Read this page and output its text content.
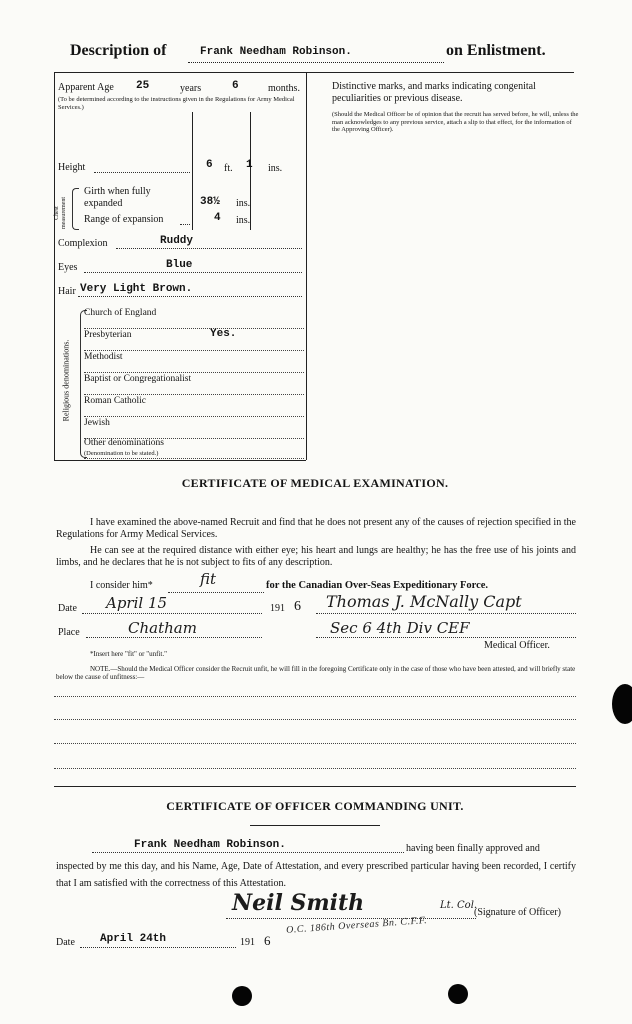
Description of	Frank Needham Robinson.	on Enlistment.
Apparent Age 25	years	6	months.
(To be determined according to the instructions given in the Regulations for Army Medical Services.)
Height	6 ft. 1 ins.
Chest measurement
Girth when fully expanded	38½ ins.
Range of expansion	4 ins.
Complexion	Ruddy
Eyes	Blue
Hair Very Light Brown.
Religious denominations.
Church of England
Presbyterian	Yes.
Methodist
Baptist or Congregationalist
Roman Catholic
Jewish
Other denominations
(Denomination to be stated.)
Distinctive marks, and marks indicating congenital peculiarities or previous disease.
(Should the Medical Officer be of opinion that the recruit has served before, he will, unless the man acknowledges to any previous service, attach a slip to that effect, for the information of the Approving Officer).
CERTIFICATE OF MEDICAL EXAMINATION.
I have examined the above-named Recruit and find that he does not present any of the causes of rejection specified in the Regulations for Army Medical Services.
He can see at the required distance with either eye; his heart and lungs are healthy; he has the free use of his joints and limbs, and he declares that he is not subject to fits of any description.
I consider him*	fit	for the Canadian Over-Seas Expeditionary Force.
Date April 15	191 6 Thomas J. McNally Capt
Place	Chatham	Sec 6 4th Div CEF
Medical Officer.
*Insert here "fit" or "unfit."
NOTE.—Should the Medical Officer consider the Recruit unfit, he will fill in the foregoing Certificate only in the case of those who have been attested, and will briefly state below the cause of unfitness:—
CERTIFICATE OF OFFICER COMMANDING UNIT.
Frank Needham Robinson.	having been finally approved and
inspected by me this day, and his Name, Age, Date of Attestation, and every prescribed particular having been recorded, I certify that I am satisfied with the correctness of this Attestation.
Neil Smith	Lt. Col.
(Signature of Officer)
O.C. 186th Overseas Bn. C.F.F.
Date April 24th	191 6
